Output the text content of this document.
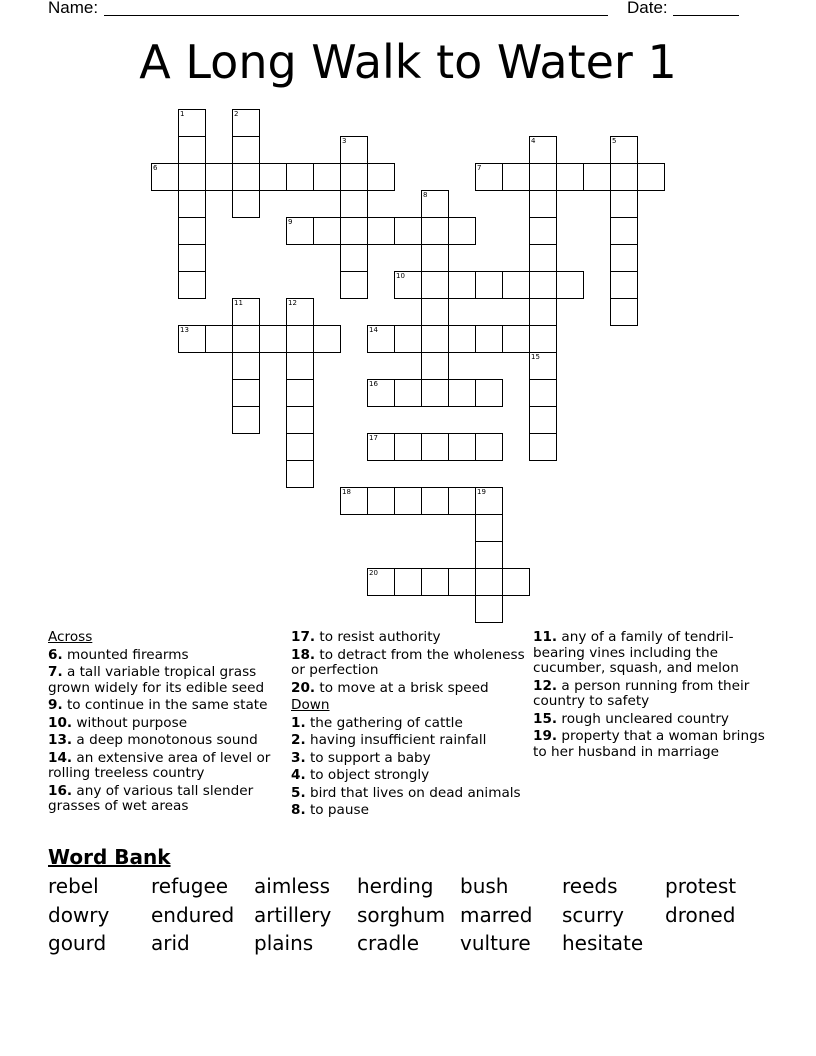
Name:	Date:
A Long Walk to Water 1
1	2
3	4	5
6	7
8
9
10
11	12
13	14
15
16
17
18	19
20
Across
6. mounted firearms
7. a tall variable tropical grass grown widely for its edible seed
9. to continue in the same state
10. without purpose
13. a deep monotonous sound
14. an extensive area of level or rolling treeless country
16. any of various tall slender grasses of wet areas
17. to resist authority
18. to detract from the wholeness or perfection
20. to move at a brisk speed
Down
1. the gathering of cattle
2. having insufficient rainfall
3. to support a baby
4. to object strongly
5. bird that lives on dead animals
8. to pause
11. any of a family of tendril-bearing vines including the cucumber, squash, and melon
12. a person running from their country to safety
15. rough uncleared country
19. property that a woman brings to her husband in marriage
Word Bank
rebel	refugee aimless herding bush	reeds protest
dowry endured artillery sorghum marred scurry droned
gourd arid	plains cradle vulture hesitate
